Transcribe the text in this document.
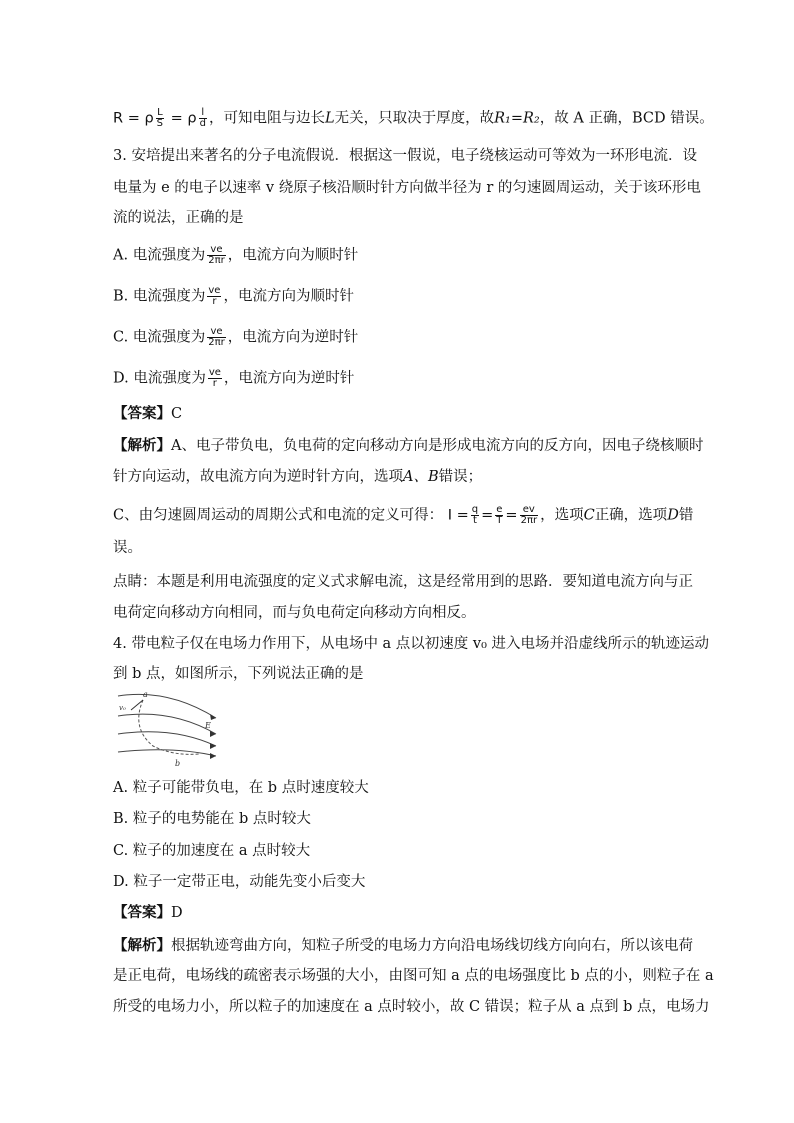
R = ρ $\frac{L}{S} = \rho \frac{l}{d}$ ，可知电阻与边长L无关，只取决于厚度，故R₁=R₂，故 A 正确，BCD 错误。
3. 安培提出来著名的分子电流假说．根据这一假说，电子绕核运动可等效为一环形电流．设
电量为 e 的电子以速率 v 绕原子核沿顺时针方向做半径为 r 的匀速圆周运动，关于该环形电
流的说法，正确的是
A. 电流强度为 $\frac{ve}{2\pi r}$ ，电流方向为顺时针
B. 电流强度为 $\frac{ve}{r}$ ，电流方向为顺时针
C. 电流强度为 $\frac{ve}{2\pi r}$ ，电流方向为逆时针
D. 电流强度为 $\frac{ve}{r}$ ，电流方向为逆时针
【答案】C
【解析】A、电子带负电，负电荷的定向移动方向是形成电流方向的反方向，因电子绕核顺时
针方向运动，故电流方向为逆时针方向，选项A、B错误；
C、由匀速圆周运动的周期公式和电流的定义可得： $I = \frac{q}{t} = \frac{e}{T} = \frac{ev}{2\pi r}$ ，选项C正确，选项D错
误。
点睛：本题是利用电流强度的定义式求解电流，这是经常用到的思路．要知道电流方向与正
电荷定向移动方向相同，而与负电荷定向移动方向相反。
4. 带电粒子仅在电场力作用下，从电场中 a 点以初速度 v₀ 进入电场并沿虚线所示的轨迹运动
到 b 点，如图所示，下列说法正确的是
a
v₀
E
b
A. 粒子可能带负电，在 b 点时速度较大
B. 粒子的电势能在 b 点时较大
C. 粒子的加速度在 a 点时较大
D. 粒子一定带正电，动能先变小后变大
【答案】D
【解析】根据轨迹弯曲方向，知粒子所受的电场力方向沿电场线切线方向向右，所以该电荷
是正电荷，电场线的疏密表示场强的大小，由图可知 a 点的电场强度比 b 点的小，则粒子在 a
所受的电场力小，所以粒子的加速度在 a 点时较小，故 C 错误；粒子从 a 点到 b 点，电场力
